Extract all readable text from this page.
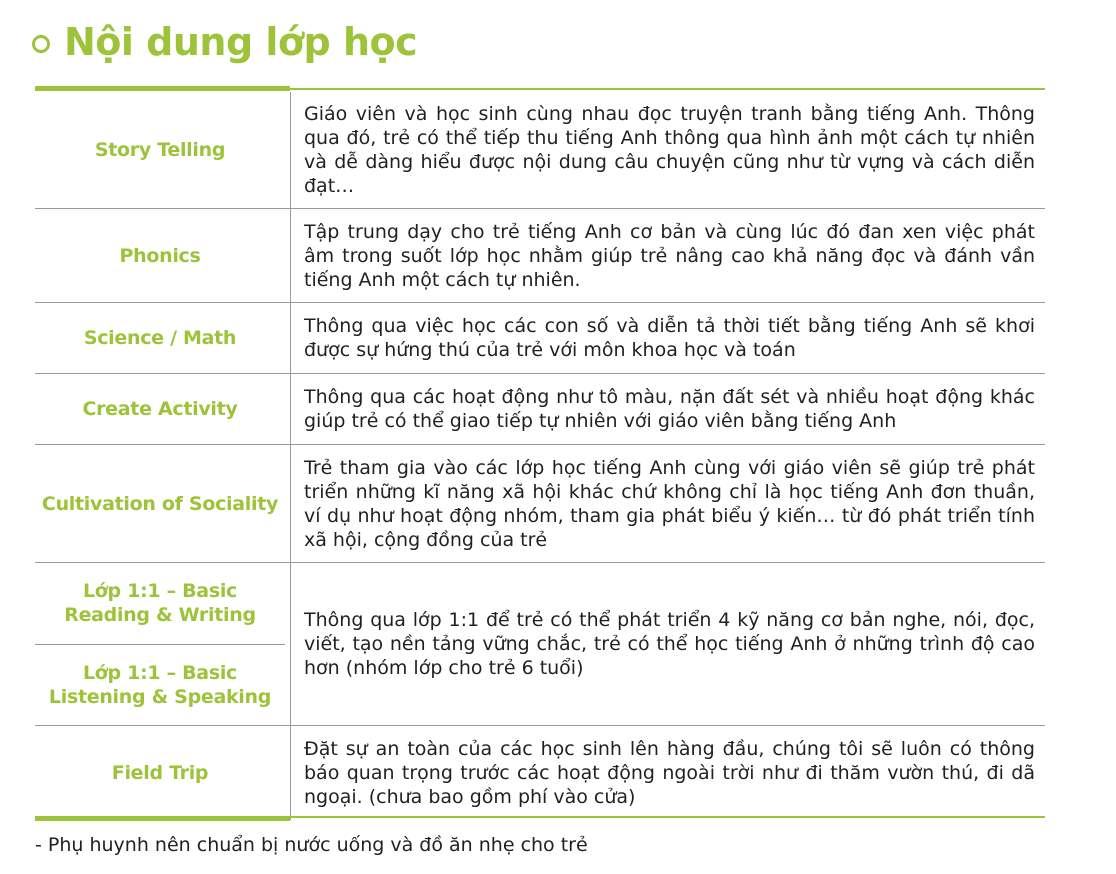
Nội dung lớp học
Story Telling
Giáo viên và học sinh cùng nhau đọc truyện tranh bằng tiếng Anh. Thông qua đó, trẻ có thể tiếp thu tiếng Anh thông qua hình ảnh một cách tự nhiên và dễ dàng hiểu được nội dung câu chuyện cũng như từ vựng và cách diễn đạt…
Phonics
Tập trung dạy cho trẻ tiếng Anh cơ bản và cùng lúc đó đan xen việc phát âm trong suốt lớp học nhằm giúp trẻ nâng cao khả năng đọc và đánh vần tiếng Anh một cách tự nhiên.
Science / Math
Thông qua việc học các con số và diễn tả thời tiết bằng tiếng Anh sẽ khơi được sự hứng thú của trẻ với môn khoa học và toán
Create Activity
Thông qua các hoạt động như tô màu, nặn đất sét và nhiều hoạt động khác giúp trẻ có thể giao tiếp tự nhiên với giáo viên bằng tiếng Anh
Cultivation of Sociality
Trẻ tham gia vào các lớp học tiếng Anh cùng với giáo viên sẽ giúp trẻ phát triển những kĩ năng xã hội khác chứ không chỉ là học tiếng Anh đơn thuần, ví dụ như hoạt động nhóm, tham gia phát biểu ý kiến… từ đó phát triển tính xã hội, cộng đồng của trẻ
Lớp 1:1 – Basic Reading & Writing
Lớp 1:1 – Basic Listening & Speaking
Thông qua lớp 1:1 để trẻ có thể phát triển 4 kỹ năng cơ bản nghe, nói, đọc, viết, tạo nền tảng vững chắc, trẻ có thể học tiếng Anh ở những trình độ cao hơn (nhóm lớp cho trẻ 6 tuổi)
Field Trip
Đặt sự an toàn của các học sinh lên hàng đầu, chúng tôi sẽ luôn có thông báo quan trọng trước các hoạt động ngoài trời như đi thăm vườn thú, đi dã ngoại. (chưa bao gồm phí vào cửa)
- Phụ huynh nên chuẩn bị nước uống và đồ ăn nhẹ cho trẻ
